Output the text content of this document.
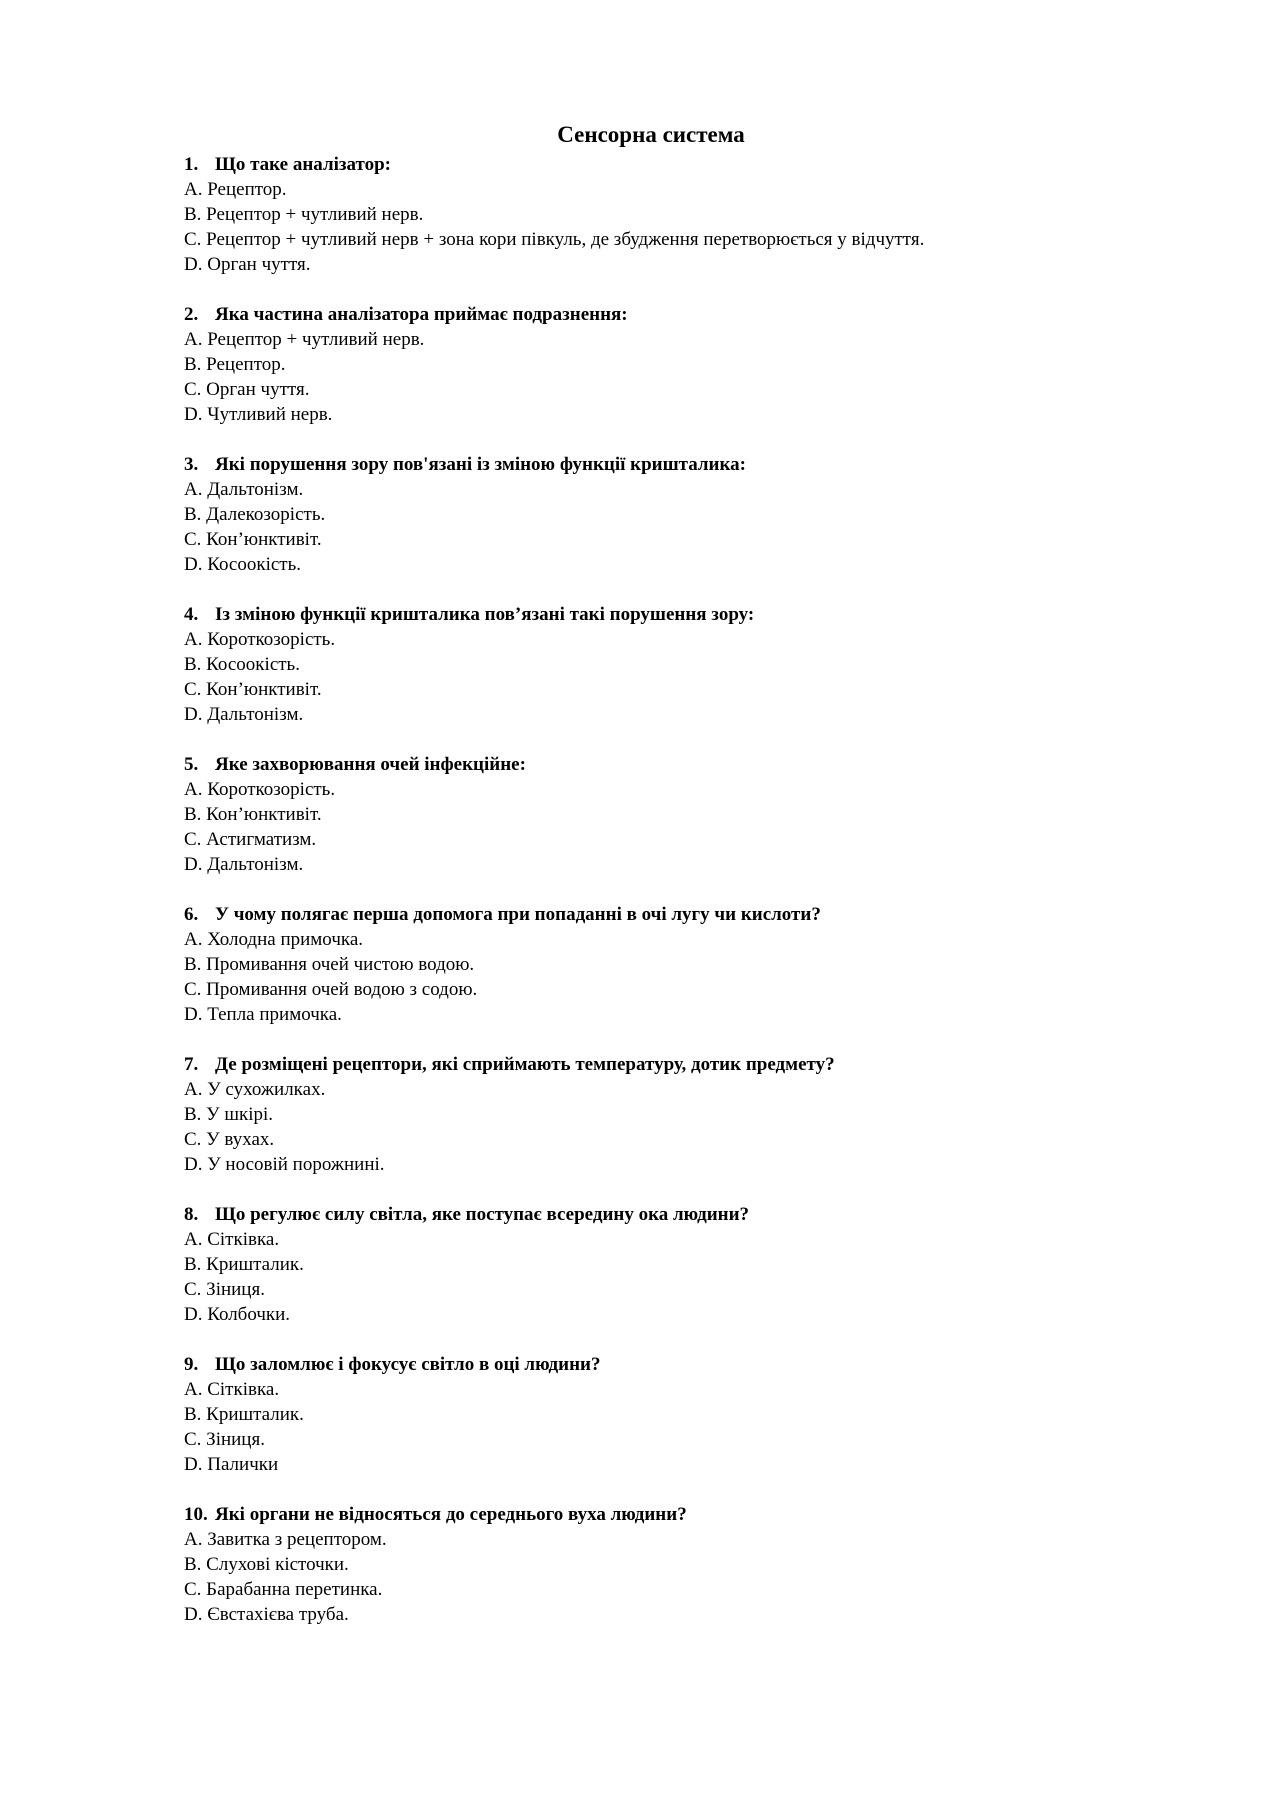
Сенсорна система
1. Що таке аналізатор:
A. Рецептор.
B. Рецептор + чутливий нерв.
C. Рецептор + чутливий нерв + зона кори півкуль, де збудження перетворюється у відчуття.
D. Орган чуття.
2. Яка частина аналізатора приймає подразнення:
A. Рецептор + чутливий нерв.
B. Рецептор.
C. Орган чуття.
D. Чутливий нерв.
3. Які порушення зору пов'язані із зміною функції кришталика:
A. Дальтонізм.
B. Далекозорість.
C. Кон’юнктивіт.
D. Косоокість.
4. Із зміною функції кришталика пов’язані такі порушення зору:
A. Короткозорість.
B. Косоокість.
C. Кон’юнктивіт.
D. Дальтонізм.
5. Яке захворювання очей інфекційне:
A. Короткозорість.
B. Кон’юнктивіт.
C. Астигматизм.
D. Дальтонізм.
6. У чому полягає перша допомога при попаданні в очі лугу чи кислоти?
A. Холодна примочка.
B. Промивання очей чистою водою.
C. Промивання очей водою з содою.
D. Тепла примочка.
7. Де розміщені рецептори, які сприймають температуру, дотик предмету?
A. У сухожилках.
B. У шкірі.
C. У вухах.
D. У носовій порожнині.
8. Що регулює силу світла, яке поступає всередину ока людини?
A. Сітківка.
B. Кришталик.
C. Зіниця.
D. Колбочки.
9. Що заломлює і фокусує світло в оці людини?
A. Сітківка.
B. Кришталик.
C. Зіниця.
D. Палички
10. Які органи не відносяться до середнього вуха людини?
A. Завитка з рецептором.
B. Слухові кісточки.
C. Барабанна перетинка.
D. Євстахієва труба.
